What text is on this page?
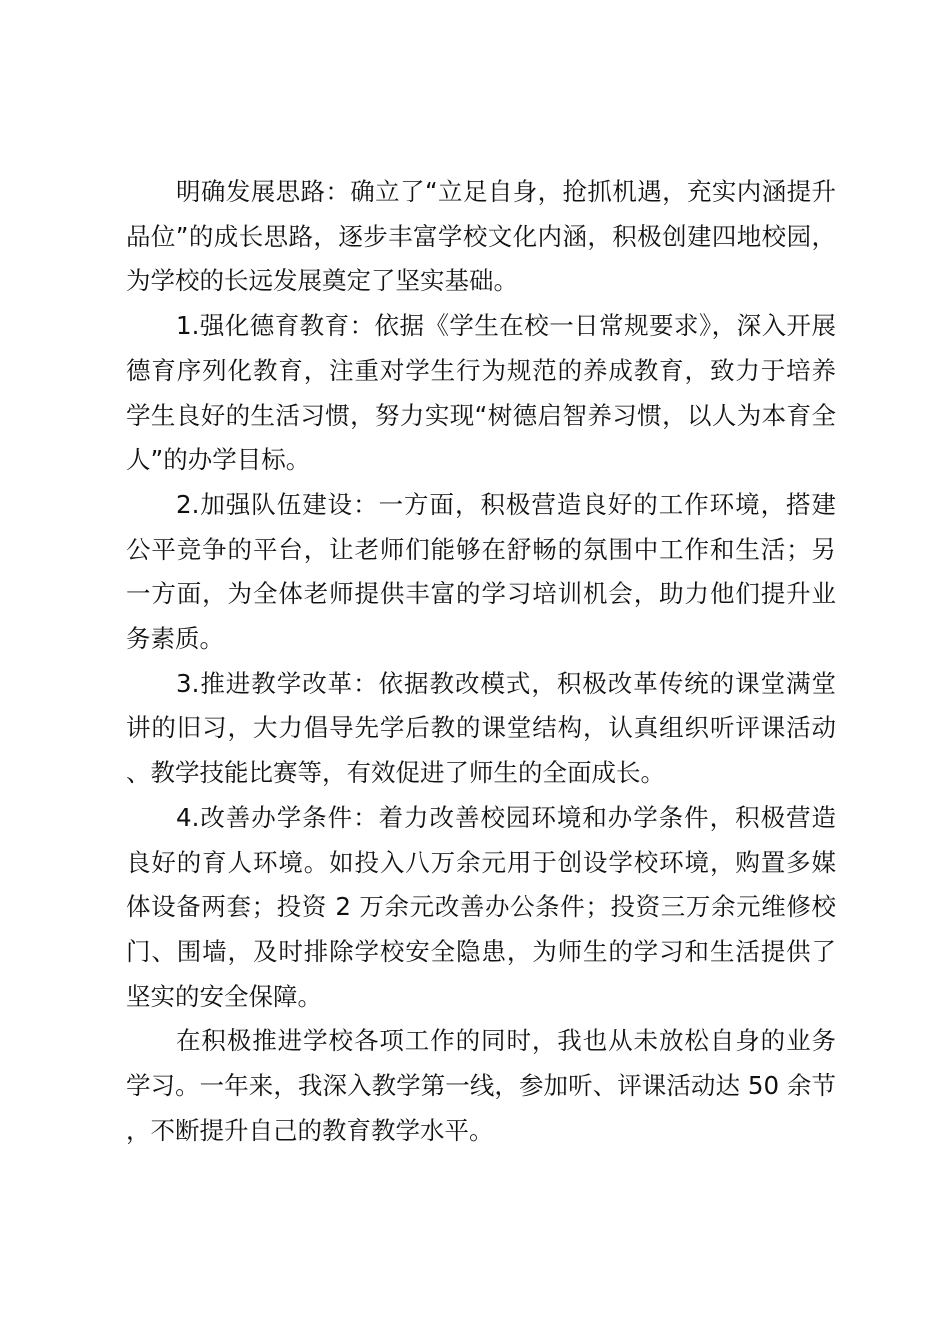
明确发展思路：确立了“立足自身，抢抓机遇，充实内涵提升品位”的成长思路，逐步丰富学校文化内涵，积极创建四地校园，为学校的长远发展奠定了坚实基础。

1.强化德育教育：依据《学生在校一日常规要求》，深入开展德育序列化教育，注重对学生行为规范的养成教育，致力于培养学生良好的生活习惯，努力实现“树德启智养习惯，以人为本育全人”的办学目标。

2.加强队伍建设：一方面，积极营造良好的工作环境，搭建公平竞争的平台，让老师们能够在舒畅的氛围中工作和生活；另一方面，为全体老师提供丰富的学习培训机会，助力他们提升业务素质。

3.推进教学改革：依据教改模式，积极改革传统的课堂满堂讲的旧习，大力倡导先学后教的课堂结构，认真组织听评课活动、教学技能比赛等，有效促进了师生的全面成长。

4.改善办学条件：着力改善校园环境和办学条件，积极营造良好的育人环境。如投入八万余元用于创设学校环境，购置多媒体设备两套；投资 2 万余元改善办公条件；投资三万余元维修校门、围墙，及时排除学校安全隐患，为师生的学习和生活提供了坚实的安全保障。

在积极推进学校各项工作的同时，我也从未放松自身的业务学习。一年来，我深入教学第一线，参加听、评课活动达 50 余节，不断提升自己的教育教学水平。
